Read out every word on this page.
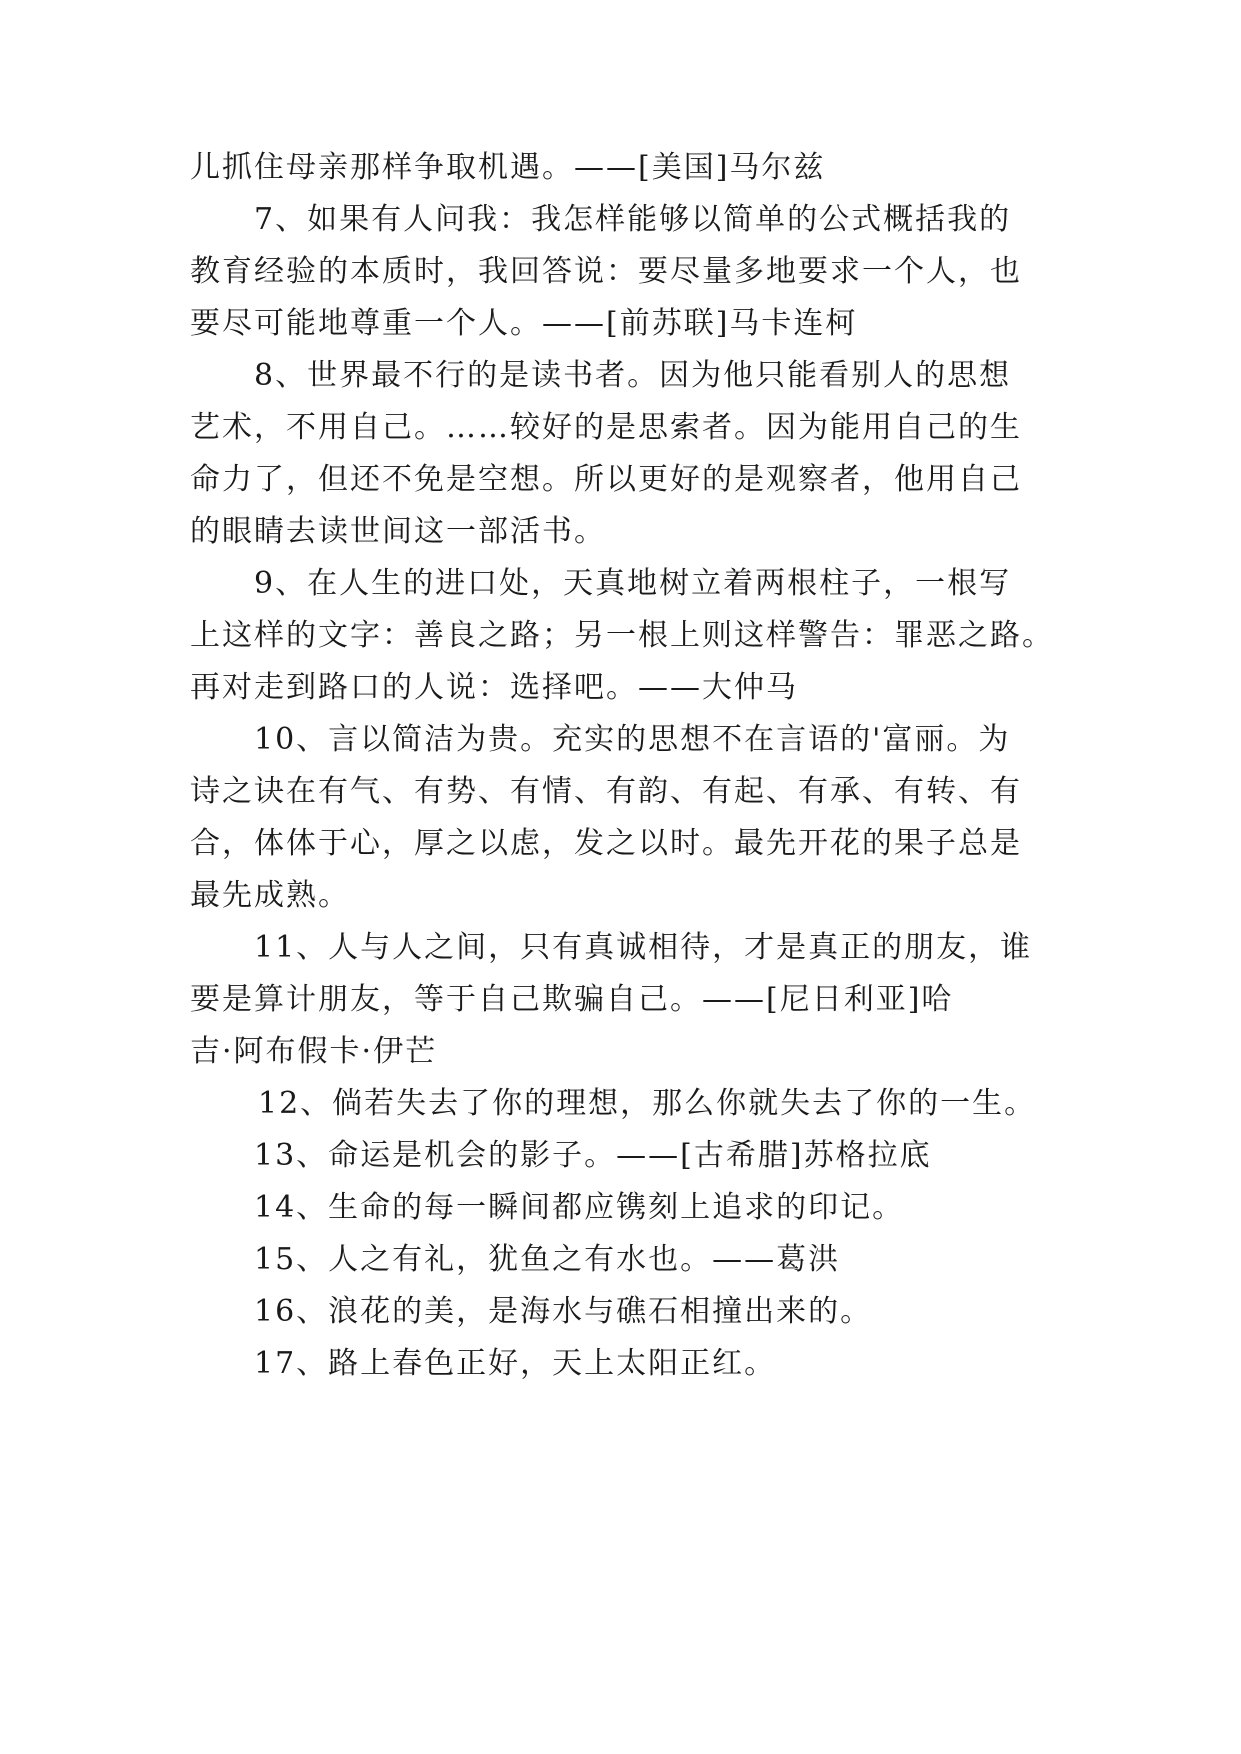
儿抓住母亲那样争取机遇。——[美国]马尔兹
7、如果有人问我：我怎样能够以简单的公式概括我的
教育经验的本质时，我回答说：要尽量多地要求一个人，也
要尽可能地尊重一个人。——[前苏联]马卡连柯
8、世界最不行的是读书者。因为他只能看别人的思想
艺术，不用自己。……较好的是思索者。因为能用自己的生
命力了，但还不免是空想。所以更好的是观察者，他用自己
的眼睛去读世间这一部活书。
9、在人生的进口处，天真地树立着两根柱子，一根写
上这样的文字：善良之路；另一根上则这样警告：罪恶之路。
再对走到路口的人说：选择吧。——大仲马
10、言以简洁为贵。充实的思想不在言语的'富丽。为
诗之诀在有气、有势、有情、有韵、有起、有承、有转、有
合，体体于心，厚之以虑，发之以时。最先开花的果子总是
最先成熟。
11、人与人之间，只有真诚相待，才是真正的朋友，谁
要是算计朋友，等于自己欺骗自己。——[尼日利亚]哈
吉·阿布假卡·伊芒
12、倘若失去了你的理想，那么你就失去了你的一生。
13、命运是机会的影子。——[古希腊]苏格拉底
14、生命的每一瞬间都应镌刻上追求的印记。
15、人之有礼，犹鱼之有水也。——葛洪
16、浪花的美，是海水与礁石相撞出来的。
17、路上春色正好，天上太阳正红。
